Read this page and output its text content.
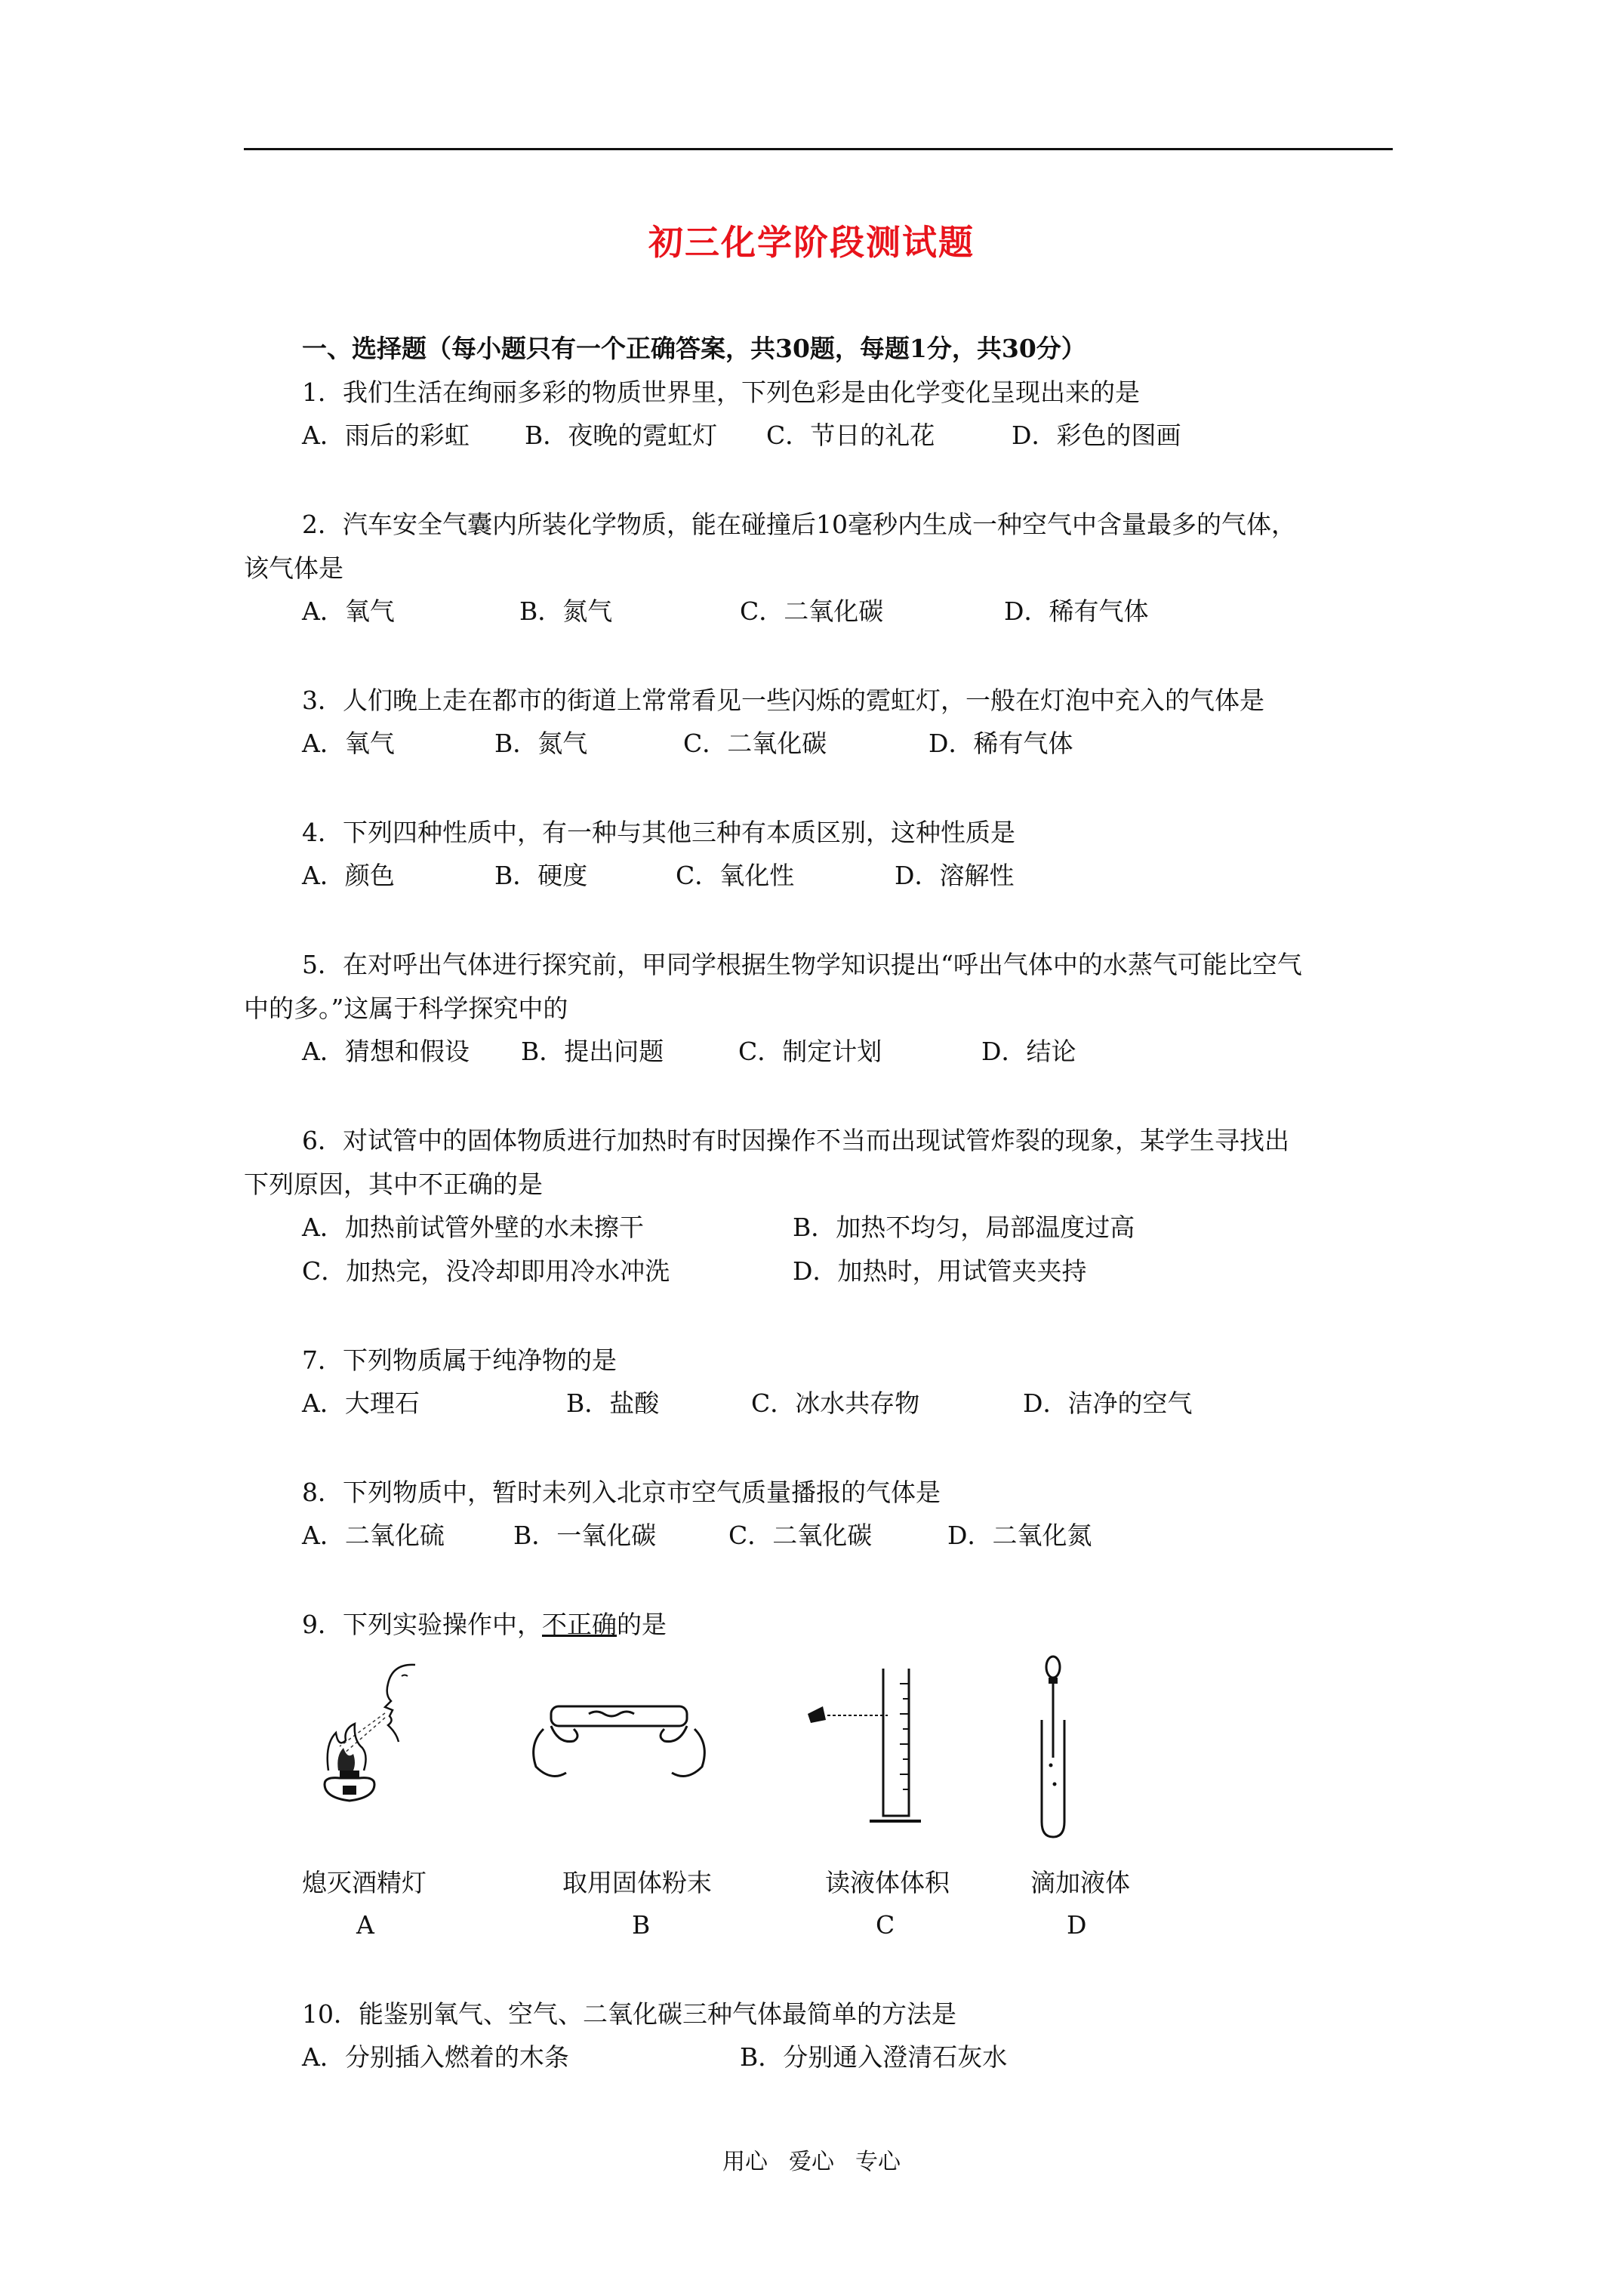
初三化学阶段测试题
一、选择题（每小题只有一个正确答案，共30题，每题1分，共30分）
1．我们生活在绚丽多彩的物质世界里，下列色彩是由化学变化呈现出来的是
A．雨后的彩虹 B．夜晚的霓虹灯 C．节日的礼花	D．彩色的图画
2．汽车安全气囊内所装化学物质，能在碰撞后10毫秒内生成一种空气中含量最多的气体，
该气体是
A．氧气	B．氮气	C．二氧化碳	D．稀有气体
3．人们晚上走在都市的街道上常常看见一些闪烁的霓虹灯，一般在灯泡中充入的气体是
A．氧气	B．氮气	C．二氧化碳	D．稀有气体
4．下列四种性质中，有一种与其他三种有本质区别，这种性质是
A．颜色	B．硬度	C．氧化性	D．溶解性
5．在对呼出气体进行探究前，甲同学根据生物学知识提出“呼出气体中的水蒸气可能比空气
中的多。”这属于科学探究中的
A．猜想和假设 B．提出问题	C．制定计划	D．结论
6．对试管中的固体物质进行加热时有时因操作不当而出现试管炸裂的现象，某学生寻找出
下列原因，其中不正确的是
A．加热前试管外壁的水未擦干	B．加热不均匀，局部温度过高
C．加热完，没冷却即用冷水冲洗	D．加热时，用试管夹夹持
7．下列物质属于纯净物的是
A．大理石	B．盐酸	C．冰水共存物	D．洁净的空气
8．下列物质中，暂时未列入北京市空气质量播报的气体是
A．二氧化硫	B．一氧化碳	C．二氧化碳	D．二氧化氮
9．下列实验操作中，不正确的是
熄灭酒精灯	取用固体粉末	读液体体积	滴加液体
A	B	C	D
10．能鉴别氧气、空气、二氧化碳三种气体最简单的方法是
A．分别插入燃着的木条	B．分别通入澄清石灰水
用心 爱心 专心
